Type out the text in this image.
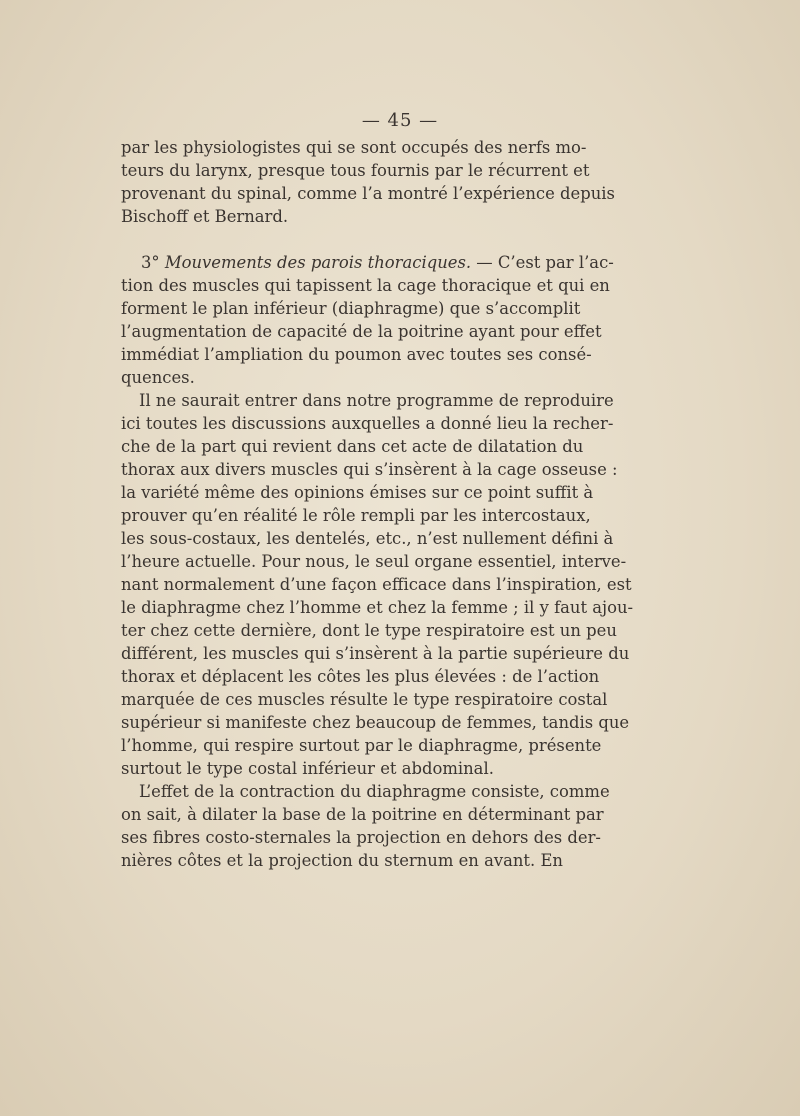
— 45 —
par les physiologistes qui se sont occupés des nerfs mo-
teurs du larynx, presque tous fournis par le récurrent et
provenant du spinal, comme l’a montré l’expérience depuis
Bischoff et Bernard.
3° Mouvements des parois thoraciques. — C’est par l’ac-
tion des muscles qui tapissent la cage thoracique et qui en
forment le plan inférieur (diaphragme) que s’accomplit
l’augmentation de capacité de la poitrine ayant pour effet
immédiat l’ampliation du poumon avec toutes ses consé-
quences.
Il ne saurait entrer dans notre programme de reproduire
ici toutes les discussions auxquelles a donné lieu la recher-
che de la part qui revient dans cet acte de dilatation du
thorax aux divers muscles qui s’insèrent à la cage osseuse :
la variété même des opinions émises sur ce point suffit à
prouver qu’en réalité le rôle rempli par les intercostaux,
les sous-costaux, les dentelés, etc., n’est nullement défini à
l’heure actuelle. Pour nous, le seul organe essentiel, interve-
nant normalement d’une façon efficace dans l’inspiration, est
le diaphragme chez l’homme et chez la femme ; il y faut ajou-
ter chez cette dernière, dont le type respiratoire est un peu
différent, les muscles qui s’insèrent à la partie supérieure du
thorax et déplacent les côtes les plus élevées : de l’action
marquée de ces muscles résulte le type respiratoire costal
supérieur si manifeste chez beaucoup de femmes, tandis que
l’homme, qui respire surtout par le diaphragme, présente
surtout le type costal inférieur et abdominal.
L’effet de la contraction du diaphragme consiste, comme
on sait, à dilater la base de la poitrine en déterminant par
ses fibres costo-sternales la projection en dehors des der-
nières côtes et la projection du sternum en avant. En
